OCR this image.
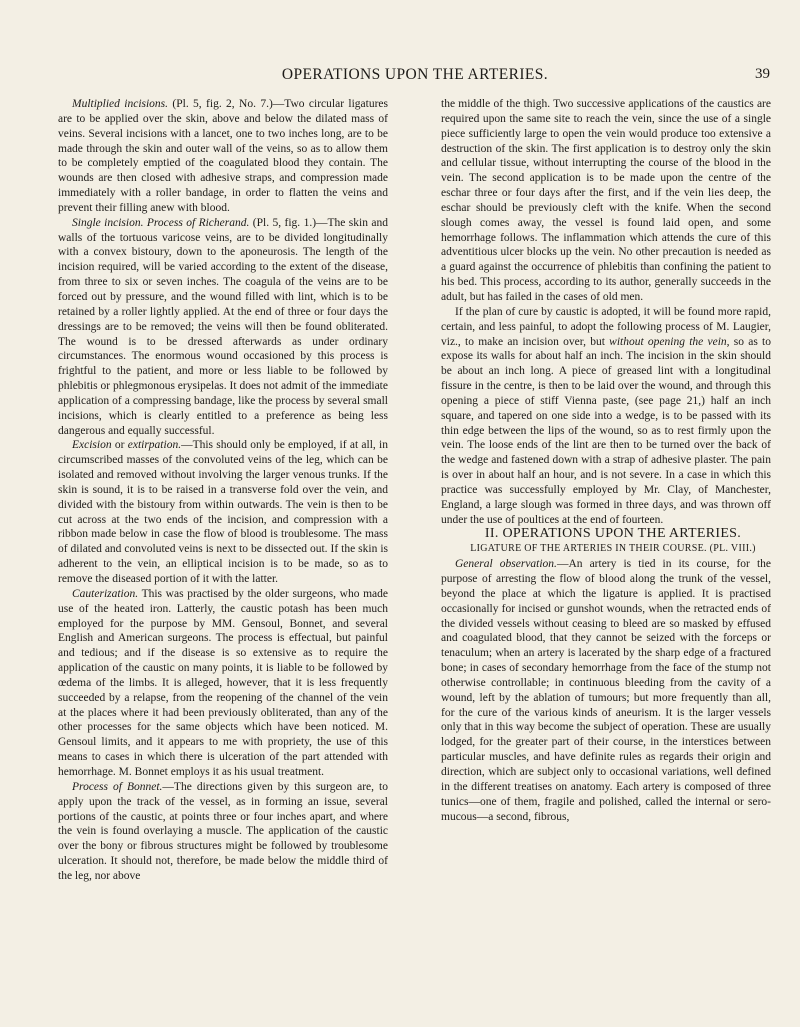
OPERATIONS UPON THE ARTERIES.	39

Multiplied incisions. (Pl. 5, fig. 2, No. 7.)—Two circular ligatures are to be applied over the skin, above and below the dilated mass of veins. Several incisions with a lancet, one to two inches long, are to be made through the skin and outer wall of the veins, so as to allow them to be completely emptied of the coagulated blood they contain. The wounds are then closed with adhesive straps, and compression made immediately with a roller bandage, in order to flatten the veins and prevent their filling anew with blood.

Single incision. Process of Richerand. (Pl. 5, fig. 1.)—The skin and walls of the tortuous varicose veins, are to be divided longitudinally with a convex bistoury, down to the aponeurosis. The length of the incision required, will be varied according to the extent of the disease, from three to six or seven inches. The coagula of the veins are to be forced out by pressure, and the wound filled with lint, which is to be retained by a roller lightly applied. At the end of three or four days the dressings are to be removed; the veins will then be found obliterated. The wound is to be dressed afterwards as under ordinary circumstances. The enormous wound occasioned by this process is frightful to the patient, and more or less liable to be followed by phlebitis or phlegmonous erysipelas. It does not admit of the immediate application of a compressing bandage, like the process by several small incisions, which is clearly entitled to a preference as being less dangerous and equally successful.

Excision or extirpation.—This should only be employed, if at all, in circumscribed masses of the convoluted veins of the leg, which can be isolated and removed without involving the larger venous trunks. If the skin is sound, it is to be raised in a transverse fold over the vein, and divided with the bistoury from within outwards. The vein is then to be cut across at the two ends of the incision, and compression with a ribbon made below in case the flow of blood is troublesome. The mass of dilated and convoluted veins is next to be dissected out. If the skin is adherent to the vein, an elliptical incision is to be made, so as to remove the diseased portion of it with the latter.

Cauterization. This was practised by the older surgeons, who made use of the heated iron. Latterly, the caustic potash has been much employed for the purpose by MM. Gensoul, Bonnet, and several English and American surgeons. The process is effectual, but painful and tedious; and if the disease is so extensive as to require the application of the caustic on many points, it is liable to be followed by œdema of the limbs. It is alleged, however, that it is less frequently succeeded by a relapse, from the reopening of the channel of the vein at the places where it had been previously obliterated, than any of the other processes for the same objects which have been noticed. M. Gensoul limits, and it appears to me with propriety, the use of this means to cases in which there is ulceration of the part attended with hemorrhage. M. Bonnet employs it as his usual treatment.

Process of Bonnet.—The directions given by this surgeon are, to apply upon the track of the vessel, as in forming an issue, several portions of the caustic, at points three or four inches apart, and where the vein is found overlaying a muscle. The application of the caustic over the bony or fibrous structures might be followed by troublesome ulceration. It should not, therefore, be made below the middle third of the leg, nor above

the middle of the thigh. Two successive applications of the caustics are required upon the same site to reach the vein, since the use of a single piece sufficiently large to open the vein would produce too extensive a destruction of the skin. The first application is to destroy only the skin and cellular tissue, without interrupting the course of the blood in the vein. The second application is to be made upon the centre of the eschar three or four days after the first, and if the vein lies deep, the eschar should be previously cleft with the knife. When the second slough comes away, the vessel is found laid open, and some hemorrhage follows. The inflammation which attends the cure of this adventitious ulcer blocks up the vein. No other precaution is needed as a guard against the occurrence of phlebitis than confining the patient to his bed. This process, according to its author, generally succeeds in the adult, but has failed in the cases of old men.

If the plan of cure by caustic is adopted, it will be found more rapid, certain, and less painful, to adopt the following process of M. Laugier, viz., to make an incision over, but without opening the vein, so as to expose its walls for about half an inch. The incision in the skin should be about an inch long. A piece of greased lint with a longitudinal fissure in the centre, is then to be laid over the wound, and through this opening a piece of stiff Vienna paste, (see page 21,) half an inch square, and tapered on one side into a wedge, is to be passed with its thin edge between the lips of the wound, so as to rest firmly upon the vein. The loose ends of the lint are then to be turned over the back of the wedge and fastened down with a strap of adhesive plaster. The pain is over in about half an hour, and is not severe. In a case in which this practice was successfully employed by Mr. Clay, of Manchester, England, a large slough was formed in three days, and was thrown off under the use of poultices at the end of fourteen.

II. OPERATIONS UPON THE ARTERIES.

LIGATURE OF THE ARTERIES IN THEIR COURSE. (PL. VIII.)

General observation.—An artery is tied in its course, for the purpose of arresting the flow of blood along the trunk of the vessel, beyond the place at which the ligature is applied. It is practised occasionally for incised or gunshot wounds, when the retracted ends of the divided vessels without ceasing to bleed are so masked by effused and coagulated blood, that they cannot be seized with the forceps or tenaculum; when an artery is lacerated by the sharp edge of a fractured bone; in cases of secondary hemorrhage from the face of the stump not otherwise controllable; in continuous bleeding from the cavity of a wound, left by the ablation of tumours; but more frequently than all, for the cure of the various kinds of aneurism. It is the larger vessels only that in this way become the subject of operation. These are usually lodged, for the greater part of their course, in the interstices between particular muscles, and have definite rules as regards their origin and direction, which are subject only to occasional variations, well defined in the different treatises on anatomy. Each artery is composed of three tunics—one of them, fragile and polished, called the internal or sero-mucous—a second, fibrous,
